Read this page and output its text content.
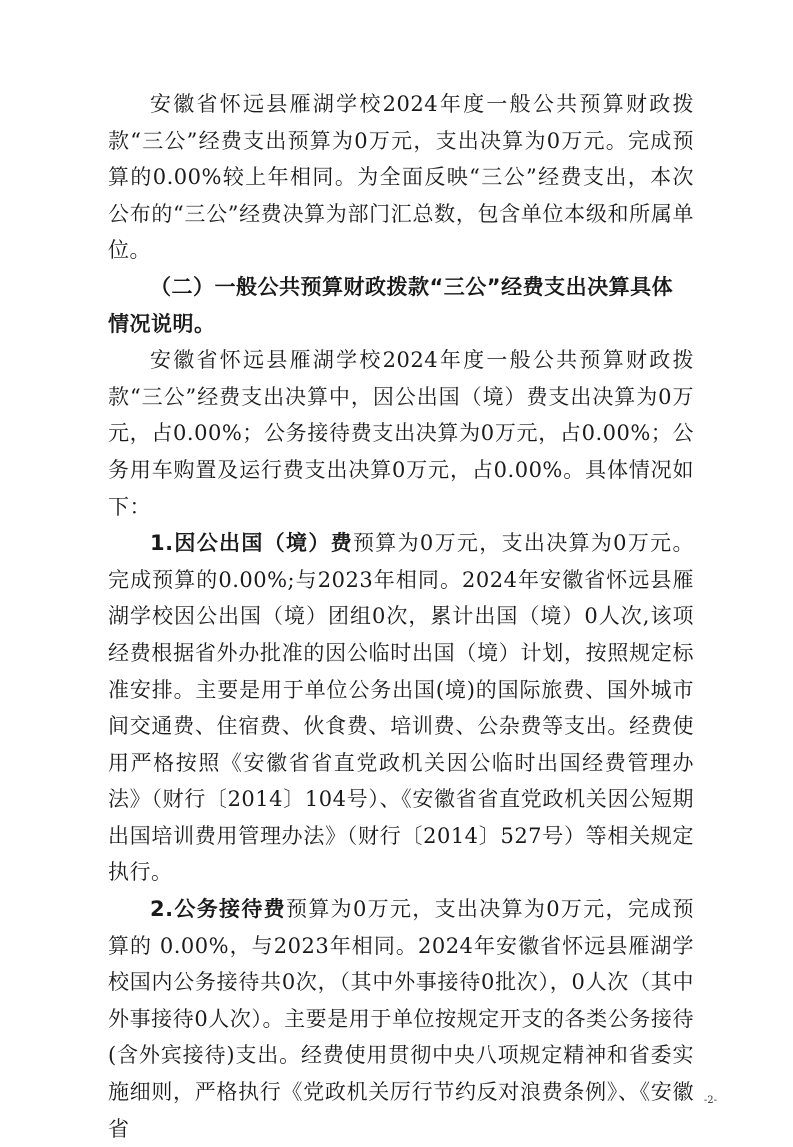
安徽省怀远县雁湖学校2024年度一般公共预算财政拨款“三公”经费支出预算为0万元，支出决算为0万元。完成预算的0.00%较上年相同。为全面反映“三公”经费支出，本次公布的“三公”经费决算为部门汇总数，包含单位本级和所属单位。

（二）一般公共预算财政拨款“三公”经费支出决算具体情况说明。

安徽省怀远县雁湖学校2024年度一般公共预算财政拨款“三公”经费支出决算中，因公出国（境）费支出决算为0万元，占0.00%；公务接待费支出决算为0万元，占0.00%；公务用车购置及运行费支出决算0万元，占0.00%。具体情况如下：

1.因公出国（境）费预算为0万元，支出决算为0万元。完成预算的0.00%;与2023年相同。2024年安徽省怀远县雁湖学校因公出国（境）团组0次，累计出国（境）0人次,该项经费根据省外办批准的因公临时出国（境）计划，按照规定标准安排。主要是用于单位公务出国(境)的国际旅费、国外城市间交通费、住宿费、伙食费、培训费、公杂费等支出。经费使用严格按照《安徽省省直党政机关因公临时出国经费管理办法》（财行〔2014〕104号）、《安徽省省直党政机关因公短期出国培训费用管理办法》（财行〔2014〕527号）等相关规定执行。

2.公务接待费预算为0万元，支出决算为0万元，完成预算的 0.00%，与2023年相同。2024年安徽省怀远县雁湖学校国内公务接待共0次，（其中外事接待0批次），0人次（其中外事接待0人次）。主要是用于单位按规定开支的各类公务接待(含外宾接待)支出。经费使用贯彻中央八项规定精神和省委实施细则，严格执行《党政机关厉行节约反对浪费条例》、《安徽省

-2-
